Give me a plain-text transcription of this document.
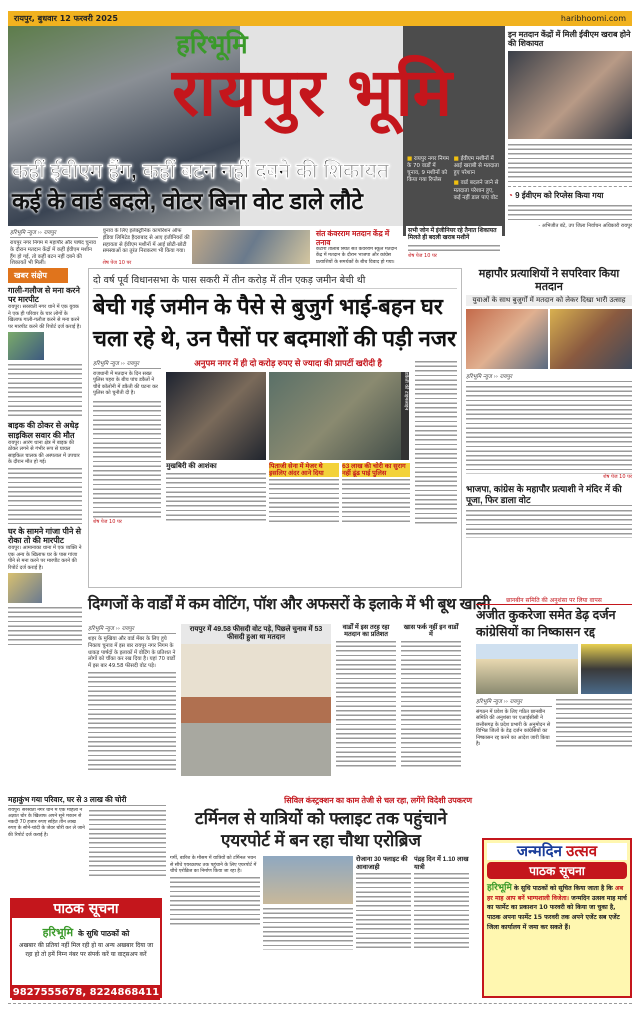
रायपुर, बुधवार 12 फरवरी 2025	haribhoomi.com
■ रायपुर नगर निगम के 70 वार्डों में चुनाव, 9 मशीनों को किया गया रिप्लेस
■ ईवीएम मशीनों में आई खराबी से मतदाता हुए परेशान
■ वार्ड बदलने जाने से मतदाता परेशान हुए, कई नहीं डाल पाए वोट
हरिभूमि
रायपुर भूमि
कहीं ईवीएम हैंग, कहीं बटन नहीं दबने की शिकायत
कई के वार्ड बदले, वोटर बिना वोट डाले लौटे
सभी जोन में इंजीनियर रहे तैनात शिकायत मिलते ही बदली खराब मशीनें
शेष पेज 10 पर
इन मतदान केंद्रों में मिली ईवीएम खराब होने की शिकायत
◔ 9 ईवीएम को रिप्लेस किया गया
- अभिजीत बंटे, उप जिला निर्वाचन अधिकारी रायपुर
हरिभूमि न्यूज ›› रायपुर
रायपुर नगर निगम में महापौर और पार्षद चुनाव के दौरान मतदान केंद्रों में कहीं ईवीएम मशीन हैंग हो गई, तो कहीं बटन नहीं दबने की शिकायतें भी मिलीं।
चुनाव के लिए इलेक्ट्रॉनिक कार्पोरेशन ऑफ इंडिया लिमिटेड हैदराबाद से आए इंजीनियरों की सहायता से ईवीएम मशीनों में आई छोटी-छोटी समस्याओं का तुरंत निराकरण भी किया गया।
शेष पेज 10 पर
संत कंवरराम मतदान केंद्र में तनाव
कटोरा तालाब स्थित संत कंवरराम स्कूल मतदान केंद्र में मतदान के दौरान भाजपा और कांग्रेस प्रत्याशियों के समर्थकों के बीच विवाद हो गया।
खबर संक्षेप
गाली-गलौज से मना करने पर मारपीट
रायपुर। सरस्वती नगर थाने में एक युवक ने एक ही परिवार के चार लोगों के खिलाफ गाली-गलौज करने से मना करने पर मारपीट करने की रिपोर्ट दर्ज कराई है।
बाइक की ठोकर से अधेड़ साइकिल सवार की मौत
रायपुर। आरंग थाना क्षेत्र में बाइक की ठोकर लगने से गंभीर रूप से घायल साइकिल चालक की अस्पताल में उपचार के दौरान मौत हो गई।
घर के सामने गांजा पीने से रोका तो की मारपीट
रायपुर। आमानाका थाना में एक व्यक्ति ने एक अन्य के खिलाफ घर के पास गांजा पीने से मना करने पर मारपीट करने की रिपोर्ट दर्ज कराई है।
दो वर्ष पूर्व विधानसभा के पास सकरी में तीन करोड़ में तीन एकड़ जमीन बेची थी
बेची गई जमीन के पैसे से बुजुर्ग भाई-बहन घर चला रहे थे, उन पैसों पर बदमाशों की पड़ी नजर
हरिभूमि न्यूज ›› रायपुर
राजधानी में मतदान के दिन सख्त पुलिस पहरा के बीच पांच डकैतों ने चौबे कॉलोनी में डकैती की घटना कर पुलिस को चुनौती दी है।
शेष पेज 10 पर
अनुपम नगर में ही दो करोड़ रुपए से ज्यादा की प्रापर्टी खरीदी है
डकैती की टाइमलाइन
मुखबिरी की आशंका	पिताजी सेना में मेजर थे इसलिए अंदर आने दिया
63 लाख की चोरी का सुराग नहीं ढूंढ पाई पुलिस
महापौर प्रत्याशियों ने सपरिवार किया मतदान
युवाओं के साथ बुजुर्गों में मतदान को लेकर दिखा भारी उत्साह
हरिभूमि न्यूज ›› रायपुर
शेष पेज 10 पर
भाजपा, कांग्रेस के महापौर प्रत्याशी ने मंदिर में की पूजा, फिर डाला वोट
दिग्गजों के वार्डों में कम वोटिंग, पॉश और अफसरों के इलाके में भी बूथ खाली
हरिभूमि न्यूज ›› रायपुर
शहर के मुखिया और वार्ड मेंबर के लिए हुये निकाय चुनाव में इस बार रायपुर नगर निगम के धाकड़ पार्षदों के इलाकों में वोटिंग के प्रतिशत ने लोगों को चौंका कर रख दिया है। यहां 70 वार्डों में इस बार 49.58 फीसदी वोट पड़े।
रायपुर में 49.58 फीसदी वोट पड़े, पिछले चुनाव में 53 फीसदी हुआ था मतदान
वार्डों में इस तरह रहा मतदान का प्रतिशत
खास फर्क नहीं इन वार्डों में
छानबीन समिति की अनुशंसा पर लिया वापस
अजीत कुकरेजा समेत डेढ़ दर्जन कांग्रेसियों का निष्कासन रद्द
हरिभूमि न्यूज ›› रायपुर
संगठन में प्रवेश के लिए गठित छानबीन समिति की अनुशंसा पर एआईसीसी ने छत्तीसगढ़ के प्रदेश प्रभारी के अनुमोदन से विभिन्न जिलों के डेढ़ दर्जन कांग्रेसियों का निष्कासन रद्द करने का आदेश जारी किया है।
महाकुंभ गया परिवार, घर से 3 लाख की चोरी
रायपुर। सरस्वती नगर थाने में एक महिला ने अज्ञात चोर के खिलाफ अपने सूने मकान से नकदी 70 हजार रुपए सहित तीन लाख रुपए के सोने-चांदी के जेवर चोरी कर ले जाने की रिपोर्ट दर्ज कराई है।
पाठक सूचना
हरिभूमि के सुधि पाठकों को
अखबार की प्रतियां नहीं मिल रही हो या अन्य अखबार दिया जा रहा हो तो हमें निम्न नंबर पर संपर्क करें या वाट्सअप करें
9827555678, 8224868411
सिविल कंस्ट्रक्शन का काम तेजी से चल रहा, लगेंगे विदेशी उपकरण
टर्मिनल से यात्रियों को फ्लाइट तक पहुंचाने एयरपोर्ट में बन रहा चौथा एरोब्रिज
गर्मी, बारिश के मौसम में यात्रियों को टर्मिनल भवन से सीधे एयरक्राफ्ट तक पहुंचाने के लिए एयरपोर्ट में चौथे एरोब्रिज का निर्माण किया जा रहा है।
रोजाना 30 फ्लाइट की आवाजाही
पंद्रह दिन में 1.10 लाख यात्री
जन्मदिन उत्सव
पाठक सूचना
हरिभूमि के सुधि पाठकों को सूचित किया जाता है कि अब हर माह आप बनें भाग्यशाली विजेता। जन्मदिन उत्सव माह मार्च का फार्मेट का प्रकाशन 10 फरवरी को किया जा चुका है, पाठक अपना फार्मेट 15 फरवरी तक अपने एजेंट सब एजेंट जिला कार्यालय में जमा कर सकते हैं।
